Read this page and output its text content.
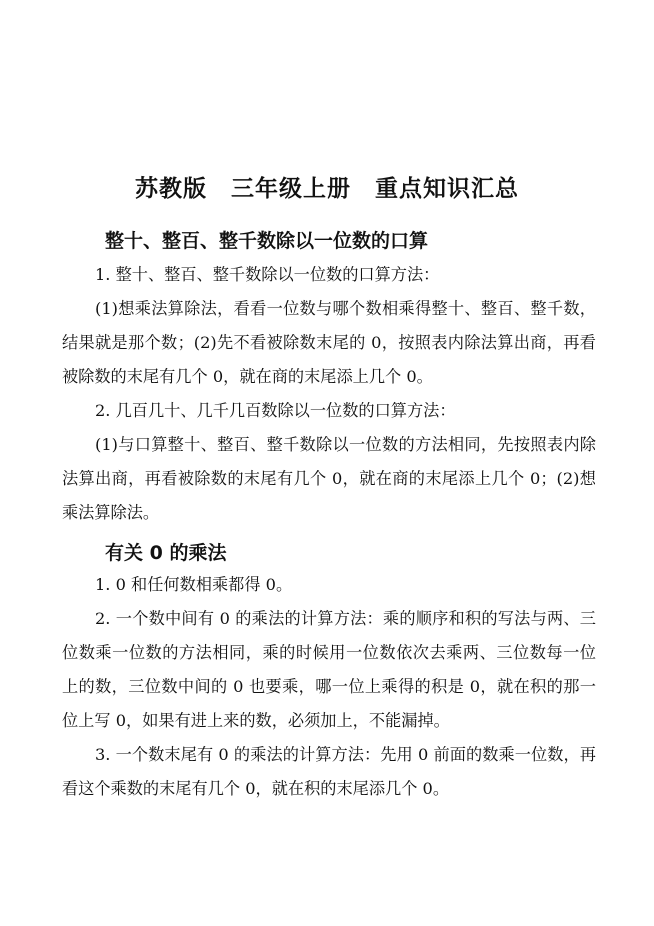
苏教版　三年级上册　重点知识汇总
整十、整百、整千数除以一位数的口算
1. 整十、整百、整千数除以一位数的口算方法：
(1)想乘法算除法，看看一位数与哪个数相乘得整十、整百、整千数，结果就是那个数；(2)先不看被除数末尾的 0，按照表内除法算出商，再看被除数的末尾有几个 0，就在商的末尾添上几个 0。
2. 几百几十、几千几百数除以一位数的口算方法：
(1)与口算整十、整百、整千数除以一位数的方法相同，先按照表内除法算出商，再看被除数的末尾有几个 0，就在商的末尾添上几个 0；(2)想乘法算除法。
有关 0 的乘法
1. 0 和任何数相乘都得 0。
2. 一个数中间有 0 的乘法的计算方法：乘的顺序和积的写法与两、三位数乘一位数的方法相同，乘的时候用一位数依次去乘两、三位数每一位上的数，三位数中间的 0 也要乘，哪一位上乘得的积是 0，就在积的那一位上写 0，如果有进上来的数，必须加上，不能漏掉。
3. 一个数末尾有 0 的乘法的计算方法：先用 0 前面的数乘一位数，再看这个乘数的末尾有几个 0，就在积的末尾添几个 0。
